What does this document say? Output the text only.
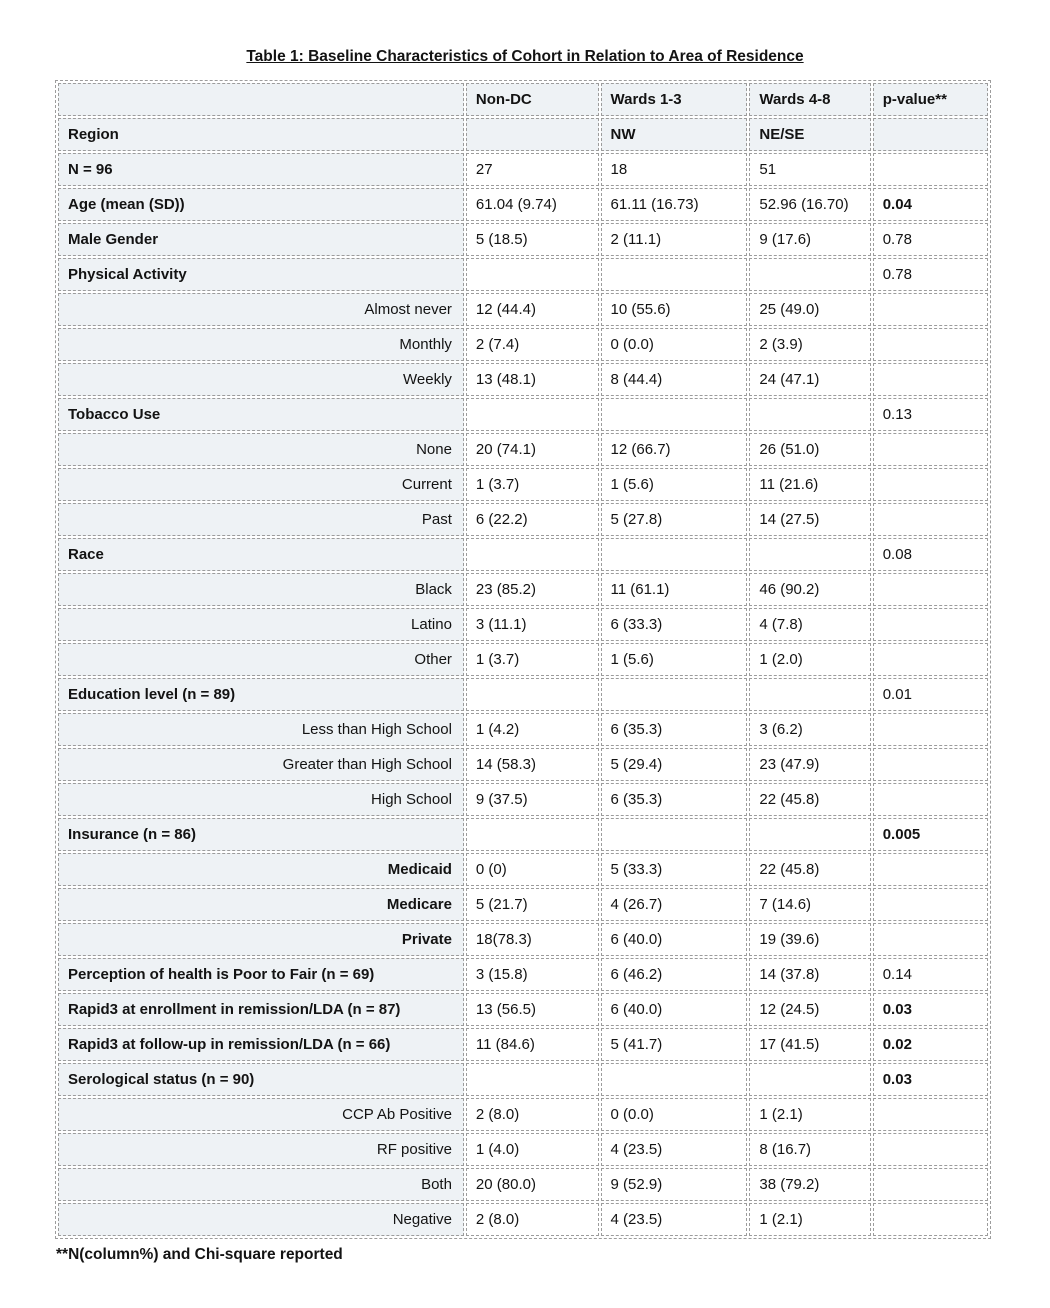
Table 1: Baseline Characteristics of Cohort in Relation to Area of Residence
	Non-DC	Wards 1-3	Wards 4-8	p-value**
Region		NW	NE/SE	
N = 96	27	18	51	
Age (mean (SD))	61.04 (9.74)	61.11 (16.73)	52.96 (16.70)	0.04
Male Gender	5 (18.5)	2 (11.1)	9 (17.6)	0.78
Physical Activity				0.78
Almost never	12 (44.4)	10 (55.6)	25 (49.0)	
Monthly	2 (7.4)	0 (0.0)	2 (3.9)	
Weekly	13 (48.1)	8 (44.4)	24 (47.1)	
Tobacco Use				0.13
None	20 (74.1)	12 (66.7)	26 (51.0)	
Current	1 (3.7)	1 (5.6)	11 (21.6)	
Past	6 (22.2)	5 (27.8)	14 (27.5)	
Race				0.08
Black	23 (85.2)	11 (61.1)	46 (90.2)	
Latino	3 (11.1)	6 (33.3)	4 (7.8)	
Other	1 (3.7)	1 (5.6)	1 (2.0)	
Education level (n = 89)				0.01
Less than High School	1 (4.2)	6 (35.3)	3 (6.2)	
Greater than High School	14 (58.3)	5 (29.4)	23 (47.9)	
High School	9 (37.5)	6 (35.3)	22 (45.8)	
Insurance (n = 86)				0.005
Medicaid	0 (0)	5 (33.3)	22 (45.8)	
Medicare	5 (21.7)	4 (26.7)	7 (14.6)	
Private	18(78.3)	6 (40.0)	19 (39.6)	
Perception of health is Poor to Fair (n = 69)	3 (15.8)	6 (46.2)	14 (37.8)	0.14
Rapid3 at enrollment in remission/LDA (n = 87)	13 (56.5)	6 (40.0)	12 (24.5)	0.03
Rapid3 at follow-up in remission/LDA (n = 66)	11 (84.6)	5 (41.7)	17 (41.5)	0.02
Serological status (n = 90)				0.03
CCP Ab Positive	2 (8.0)	0 (0.0)	1 (2.1)	
RF positive	1 (4.0)	4 (23.5)	8 (16.7)	
Both	20 (80.0)	9 (52.9)	38 (79.2)	
Negative	2 (8.0)	4 (23.5)	1 (2.1)	
**N(column%) and Chi-square reported
